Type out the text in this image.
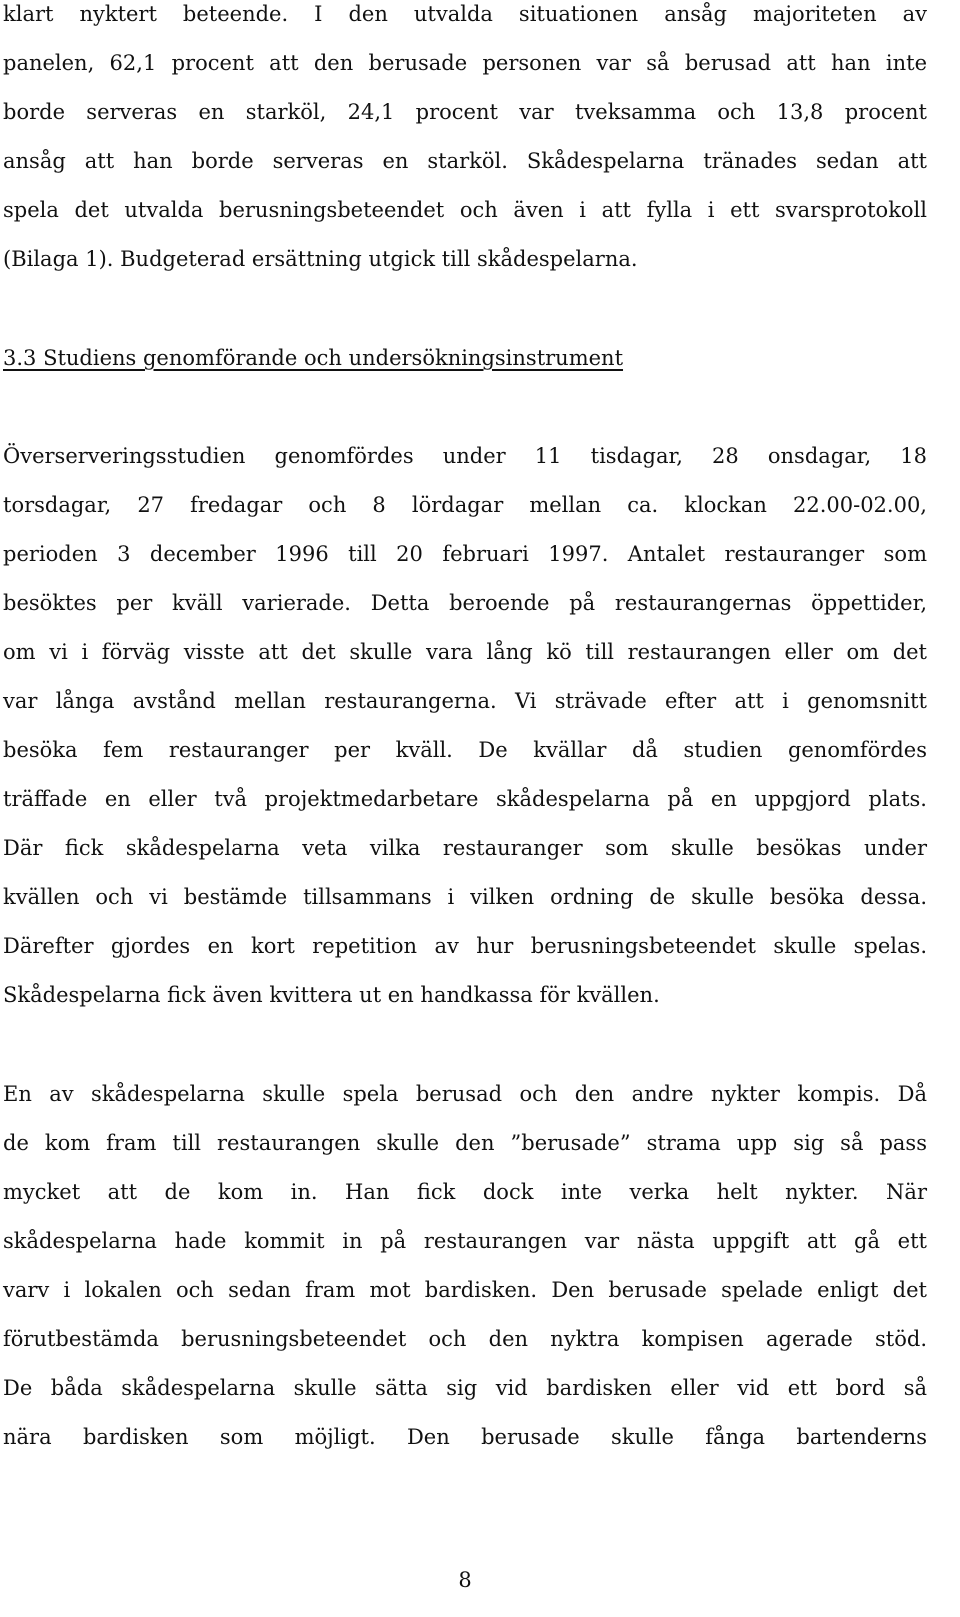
klart nyktert beteende. I den utvalda situationen ansåg majoriteten av
panelen, 62,1 procent att den berusade personen var så berusad att han inte
borde serveras en starköl, 24,1 procent var tveksamma och 13,8 procent
ansåg att han borde serveras en starköl. Skådespelarna tränades sedan att
spela det utvalda berusningsbeteendet och även i att fylla i ett svarsprotokoll
(Bilaga 1). Budgeterad ersättning utgick till skådespelarna.
3.3 Studiens genomförande och undersökningsinstrument
Överserveringsstudien genomfördes under 11 tisdagar, 28 onsdagar, 18
torsdagar, 27 fredagar och 8 lördagar mellan ca. klockan 22.00-02.00,
perioden 3 december 1996 till 20 februari 1997. Antalet restauranger som
besöktes per kväll varierade. Detta beroende på restaurangernas öppettider,
om vi i förväg visste att det skulle vara lång kö till restaurangen eller om det
var långa avstånd mellan restaurangerna. Vi strävade efter att i genomsnitt
besöka fem restauranger per kväll. De kvällar då studien genomfördes
träffade en eller två projektmedarbetare skådespelarna på en uppgjord plats.
Där fick skådespelarna veta vilka restauranger som skulle besökas under
kvällen och vi bestämde tillsammans i vilken ordning de skulle besöka dessa.
Därefter gjordes en kort repetition av hur berusningsbeteendet skulle spelas.
Skådespelarna fick även kvittera ut en handkassa för kvällen.
En av skådespelarna skulle spela berusad och den andre nykter kompis. Då
de kom fram till restaurangen skulle den ”berusade” strama upp sig så pass
mycket att de kom in. Han fick dock inte verka helt nykter. När
skådespelarna hade kommit in på restaurangen var nästa uppgift att gå ett
varv i lokalen och sedan fram mot bardisken. Den berusade spelade enligt det
förutbestämda berusningsbeteendet och den nyktra kompisen agerade stöd.
De båda skådespelarna skulle sätta sig vid bardisken eller vid ett bord så
nära bardisken som möjligt. Den berusade skulle fånga bartenderns
8
